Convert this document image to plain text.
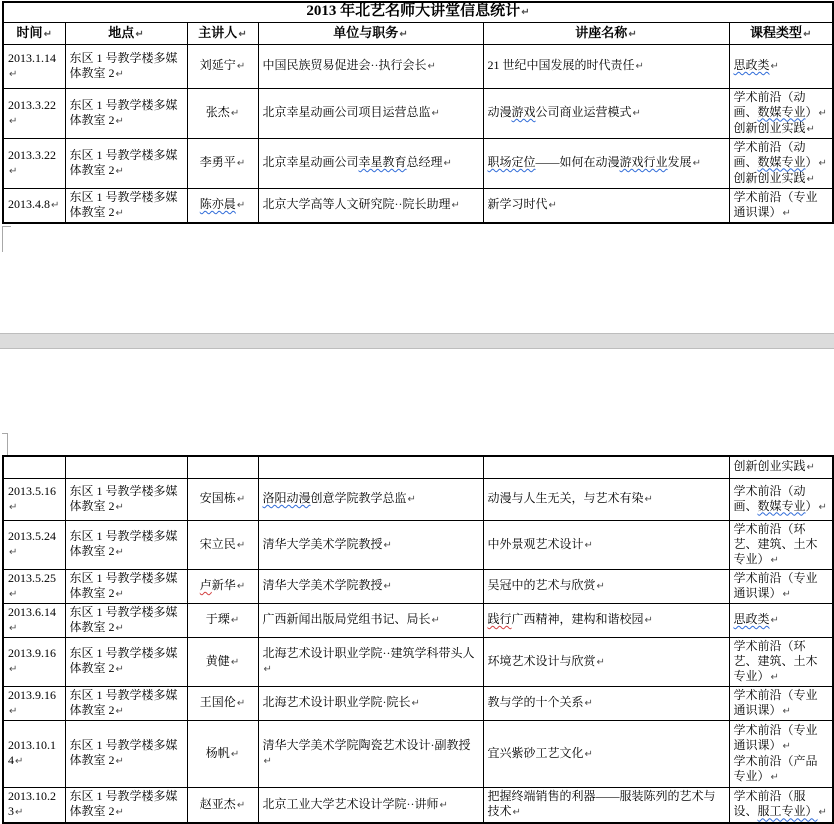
2013 年北艺名师大讲堂信息统计↵					
时间↵	地点↵	主讲人↵	单位与职务↵	讲座名称↵	课程类型↵

2013.1.14↵	东区 1 号教学楼多媒体教室 2↵	刘延宁↵	中国民族贸易促进会··执行会长↵	21 世纪中国发展的时代责任↵	思政类↵

2013.3.22↵	东区 1 号教学楼多媒体教室 2↵	张杰↵	北京幸星动画公司项目运营总监↵	动漫游戏公司商业运营模式↵	学术前沿（动画、数媒专业）↵
创新创业实践↵

2013.3.22↵	东区 1 号教学楼多媒体教室 2↵	李勇平↵	北京幸星动画公司幸星教育总经理↵	职场定位——如何在动漫游戏行业发展↵	学术前沿（动画、数媒专业）↵
创新创业实践↵

2013.4.8↵	东区 1 号教学楼多媒体教室 2↵	陈亦晨↵	北京大学高等人文研究院··院长助理↵	新学习时代↵	学术前沿（专业通识课）↵

					创新创业实践↵

2013.5.16↵	东区 1 号教学楼多媒体教室 2↵	安国栋↵	洛阳动漫创意学院教学总监↵	动漫与人生无关，与艺术有染↵	学术前沿（动画、数媒专业）↵

2013.5.24↵	东区 1 号教学楼多媒体教室 2↵	宋立民↵	清华大学美术学院教授↵	中外景观艺术设计↵	学术前沿（环艺、建筑、土木专业）↵

2013.5.25↵	东区 1 号教学楼多媒体教室 2↵	卢新华↵	清华大学美术学院教授↵	吴冠中的艺术与欣赏↵	学术前沿（专业通识课）↵

2013.6.14↵	东区 1 号教学楼多媒体教室 2↵	于瑮↵	广西新闻出版局党组书记、局长↵	践行广西精神，建构和谐校园↵	思政类↵

2013.9.16↵	东区 1 号教学楼多媒体教室 2↵	黄健↵	北海艺术设计职业学院··建筑学科带头人↵	环境艺术设计与欣赏↵	学术前沿（环艺、建筑、土木专业）↵

2013.9.16↵	东区 1 号教学楼多媒体教室 2↵	王国伦↵	北海艺术设计职业学院·院长↵	教与学的十个关系↵	学术前沿（专业通识课）↵

2013.10.14↵	东区 1 号教学楼多媒体教室 2↵	杨帆↵	清华大学美术学院陶瓷艺术设计·副教授↵	宜兴紫砂工艺文化↵	学术前沿（专业通识课）↵
学术前沿（产品专业）↵

2013.10.23↵	东区 1 号教学楼多媒体教室 2↵	赵亚杰↵	北京工业大学艺术设计学院··讲师↵	把握终端销售的利器——服装陈列的艺术与技术↵	学术前沿（服设、服工专业）↵
